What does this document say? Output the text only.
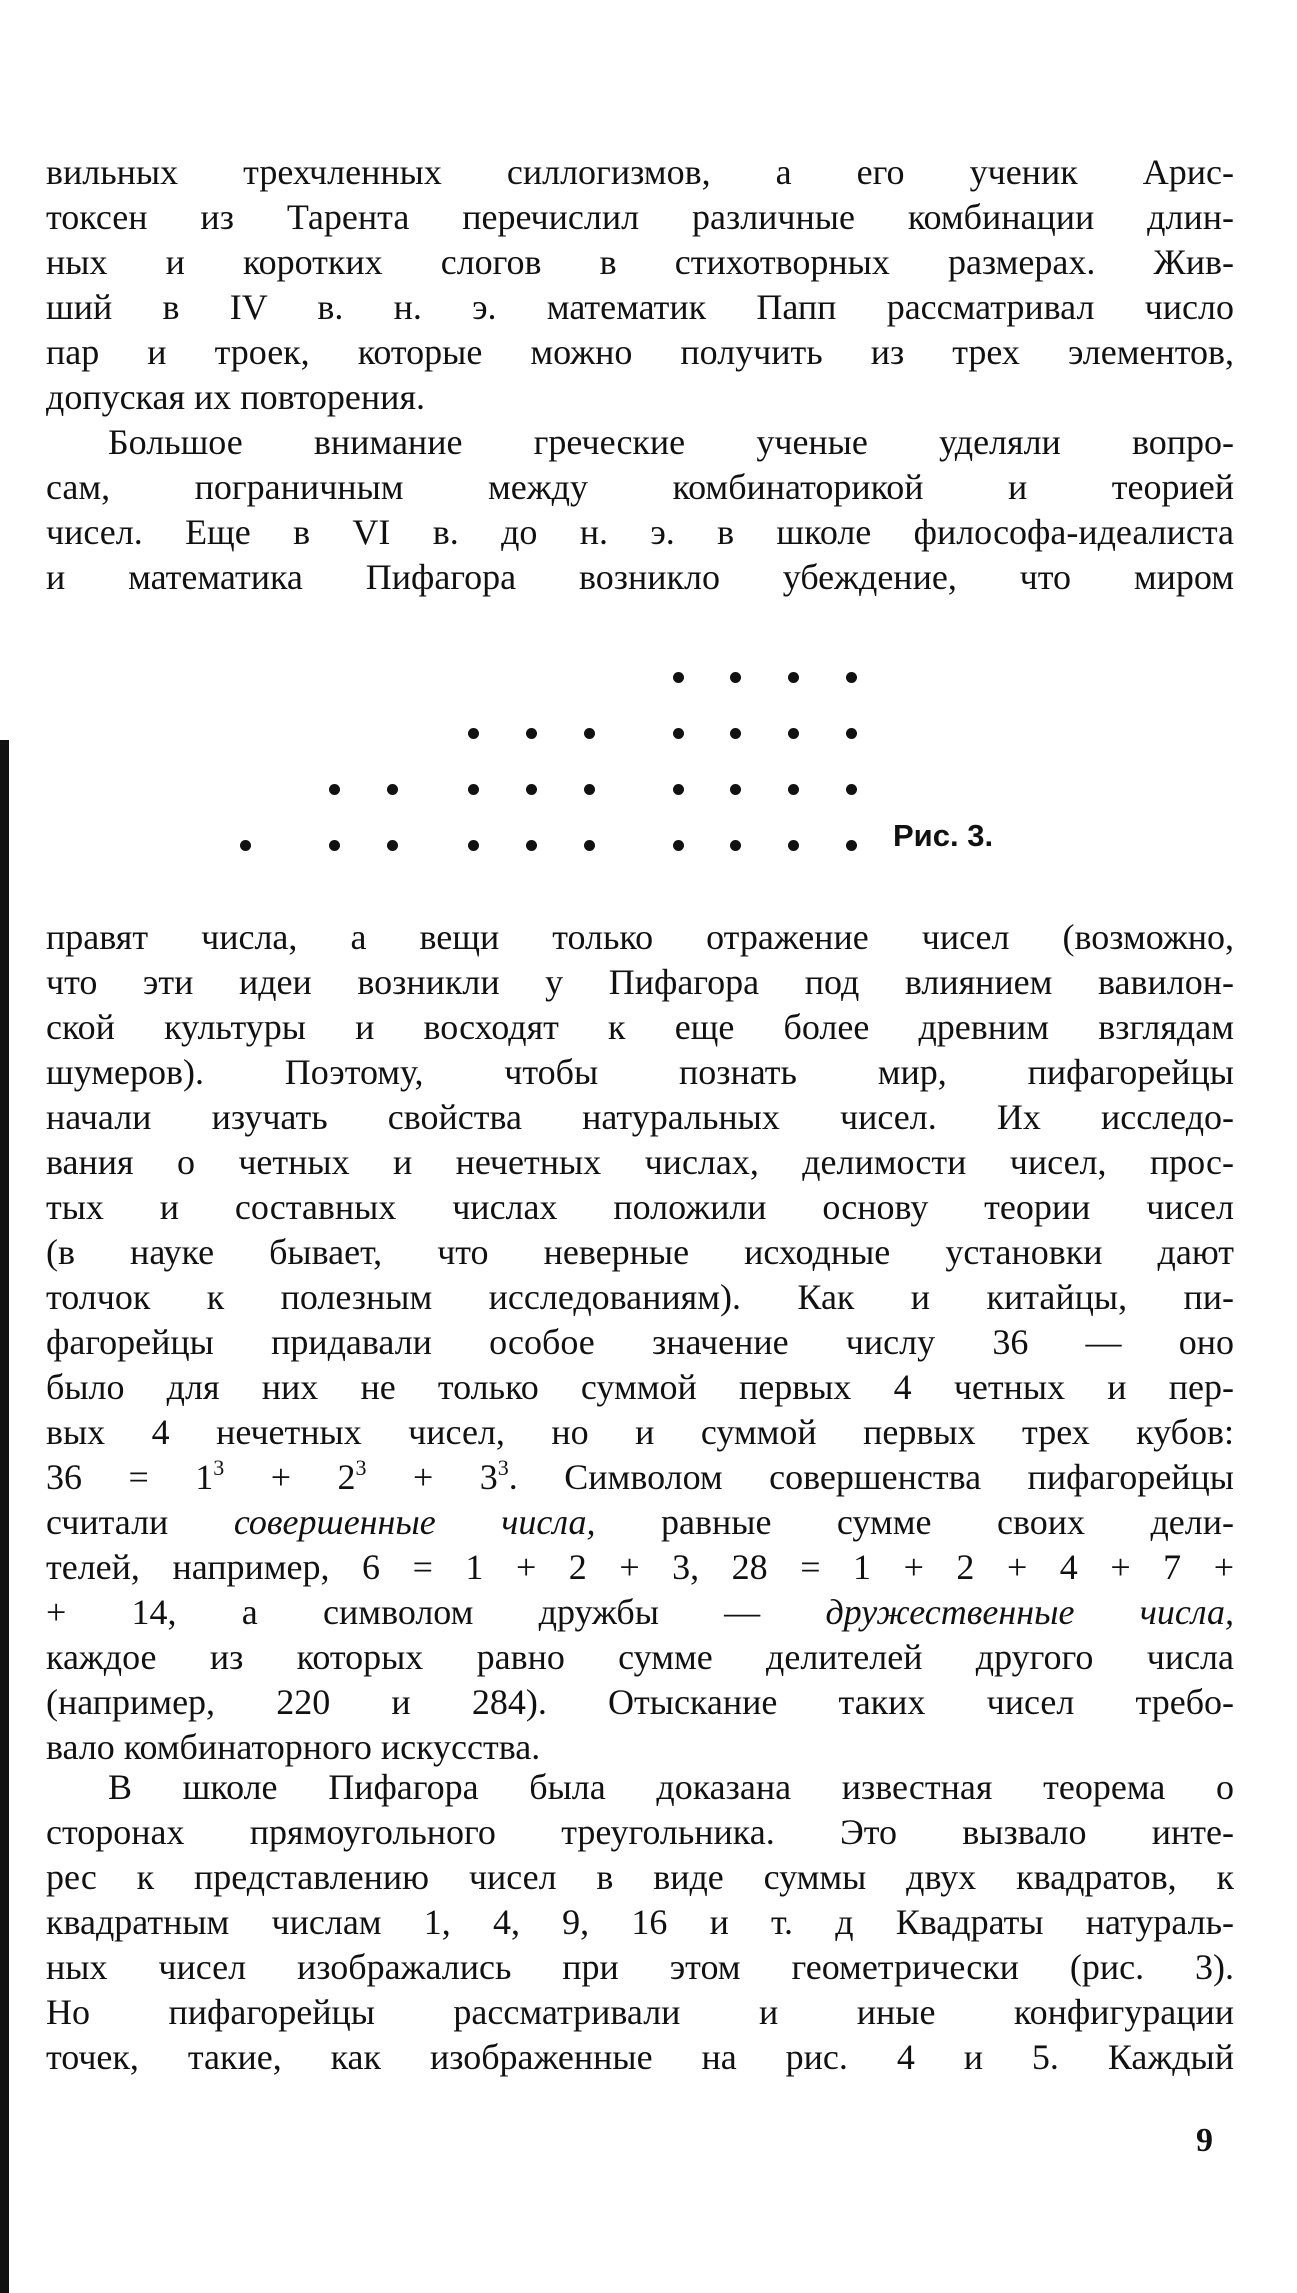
вильных трехчленных силлогизмов, а его ученик Арис-
токсен из Тарента перечислил различные комбинации длин-
ных и коротких слогов в стихотворных размерах. Жив-
ший в IV в. н. э. математик Папп рассматривал число
пар и троек, которые можно получить из трех элементов,
допуская их повторения.
Большое внимание греческие ученые уделяли вопро-
сам, пограничным между комбинаторикой и теорией
чисел. Еще в VI в. до н. э. в школе философа-идеалиста
и математика Пифагора возникло убеждение, что миром
Рис. 3.
правят числа, а вещи только отражение чисел (возможно,
что эти идеи возникли у Пифагора под влиянием вавилон-
ской культуры и восходят к еще более древним взглядам
шумеров). Поэтому, чтобы познать мир, пифагорейцы
начали изучать свойства натуральных чисел. Их исследо-
вания о четных и нечетных числах, делимости чисел, прос-
тых и составных числах положили основу теории чисел
(в науке бывает, что неверные исходные установки дают
толчок к полезным исследованиям). Как и китайцы, пи-
фагорейцы придавали особое значение числу 36 — оно
было для них не только суммой первых 4 четных и пер-
вых 4 нечетных чисел, но и суммой первых трех кубов:
$36 = 1^3 + 2^3 + 3^3$. Символом совершенства пифагорейцы
считали совершенные числа, равные сумме своих дели-
телей, например, 6 = 1 + 2 + 3, 28 = 1 + 2 + 4 + 7 +
+ 14, а символом дружбы — дружественные числа,
каждое из которых равно сумме делителей другого числа
(например, 220 и 284). Отыскание таких чисел требо-
вало комбинаторного искусства.
В школе Пифагора была доказана известная теорема о
сторонах прямоугольного треугольника. Это вызвало инте-
рес к представлению чисел в виде суммы двух квадратов, к
квадратным числам 1, 4, 9, 16 и т. д Квадраты натураль-
ных чисел изображались при этом геометрически (рис. 3).
Но пифагорейцы рассматривали и иные конфигурации
точек, такие, как изображенные на рис. 4 и 5. Каждый
9
